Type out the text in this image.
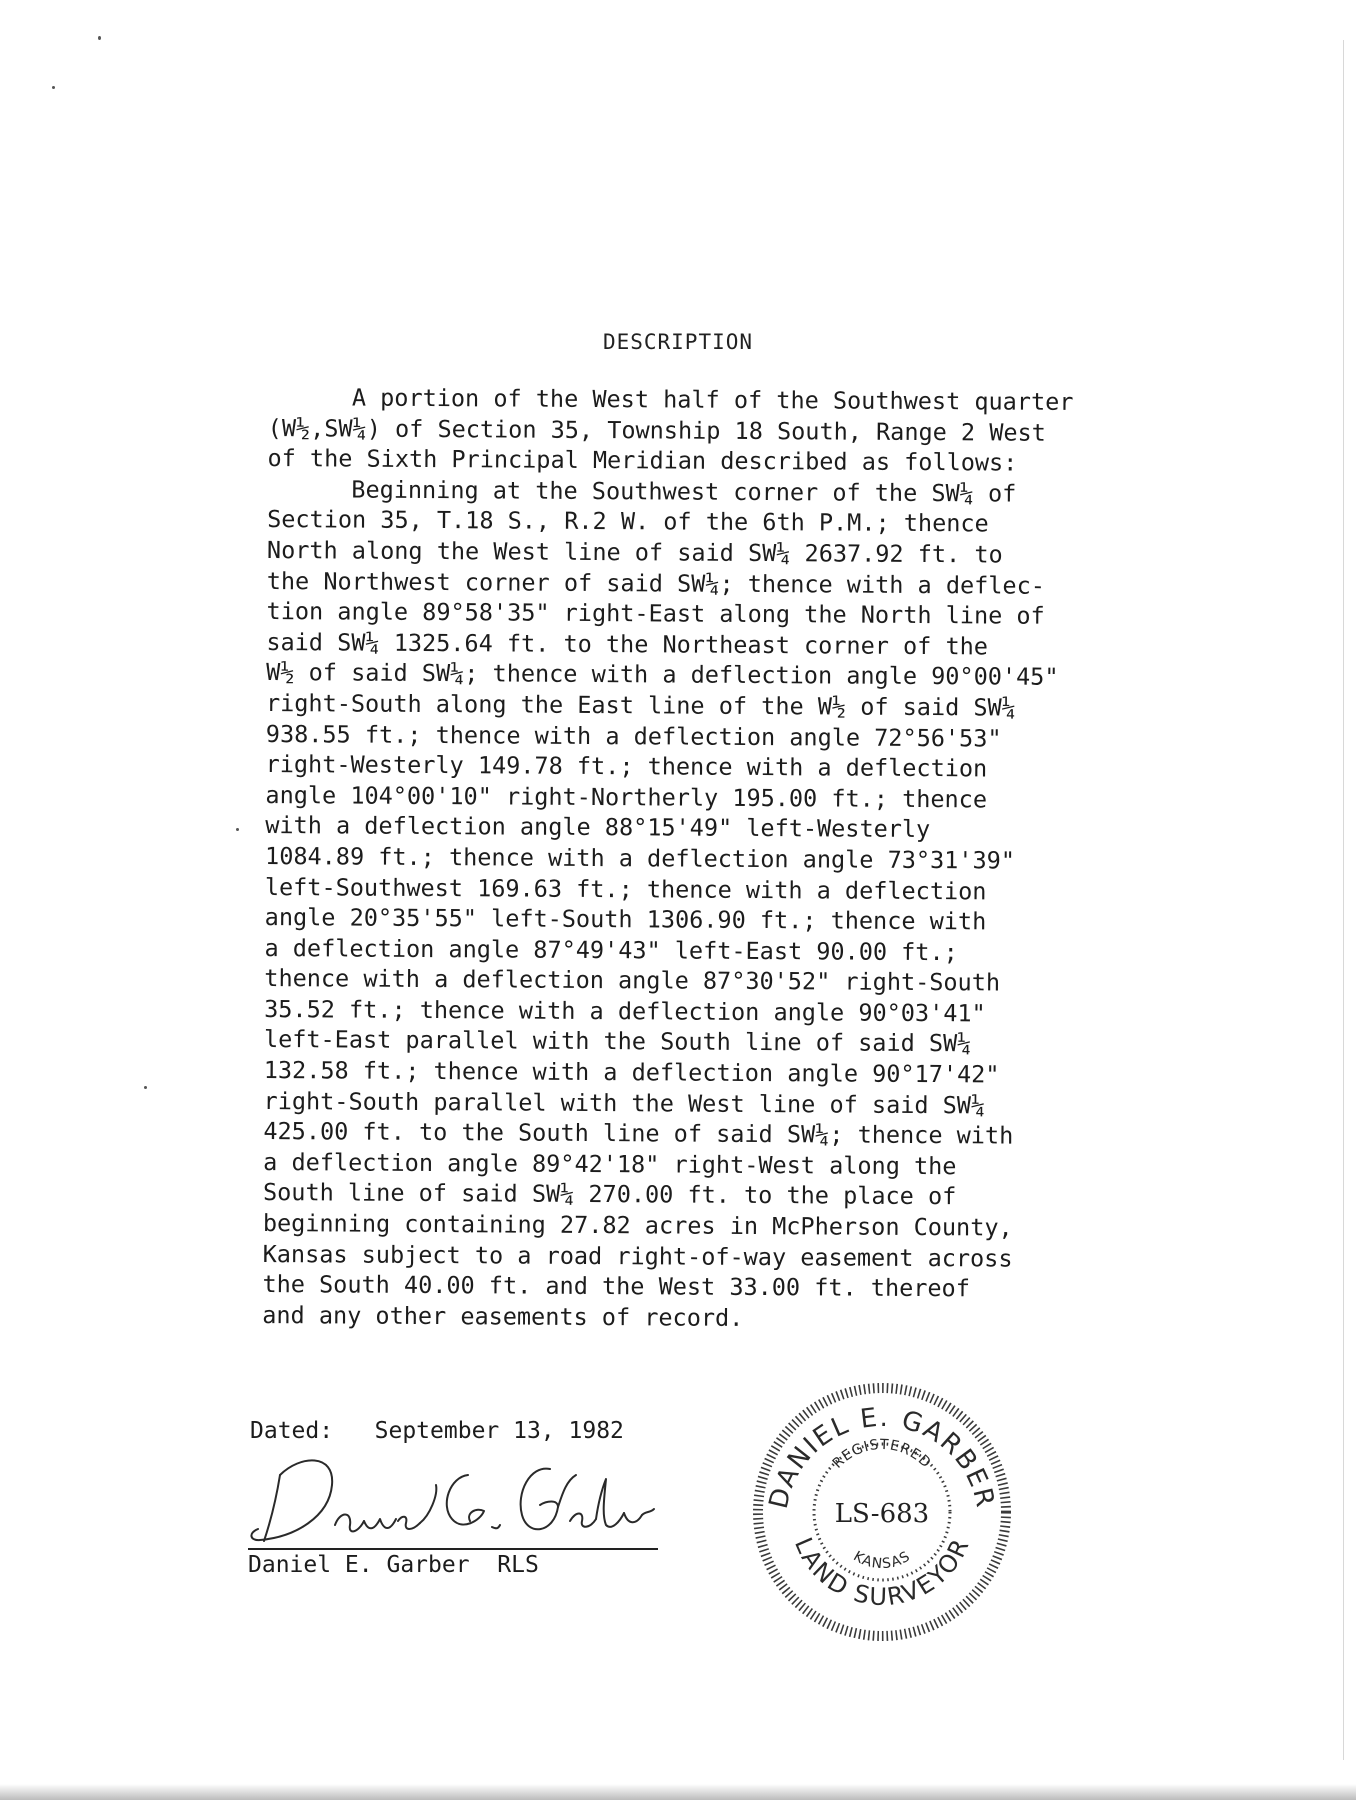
DESCRIPTION
A portion of the West half of the Southwest quarter
(W½,SW¼) of Section 35, Township 18 South, Range 2 West
of the Sixth Principal Meridian described as follows:
Beginning at the Southwest corner of the SW¼ of
Section 35, T.18 S., R.2 W. of the 6th P.M.; thence
North along the West line of said SW¼ 2637.92 ft. to
the Northwest corner of said SW¼; thence with a deflec-
tion angle 89°58'35" right-East along the North line of
said SW¼ 1325.64 ft. to the Northeast corner of the
W½ of said SW¼; thence with a deflection angle 90°00'45"
right-South along the East line of the W½ of said SW¼
938.55 ft.; thence with a deflection angle 72°56'53"
right-Westerly 149.78 ft.; thence with a deflection
angle 104°00'10" right-Northerly 195.00 ft.; thence
with a deflection angle 88°15'49" left-Westerly
1084.89 ft.; thence with a deflection angle 73°31'39"
left-Southwest 169.63 ft.; thence with a deflection
angle 20°35'55" left-South 1306.90 ft.; thence with
a deflection angle 87°49'43" left-East 90.00 ft.;
thence with a deflection angle 87°30'52" right-South
35.52 ft.; thence with a deflection angle 90°03'41"
left-East parallel with the South line of said SW¼
132.58 ft.; thence with a deflection angle 90°17'42"
right-South parallel with the West line of said SW¼
425.00 ft. to the South line of said SW¼; thence with
a deflection angle 89°42'18" right-West along the
South line of said SW¼ 270.00 ft. to the place of
beginning containing 27.82 acres in McPherson County,
Kansas subject to a road right-of-way easement across
the South 40.00 ft. and the West 33.00 ft. thereof
and any other easements of record.
Dated: September 13, 1982
Daniel E. Garber RLS
DANIEL E. GARBER
LAND SURVEYOR
REGISTERED
KANSAS
LS-683
